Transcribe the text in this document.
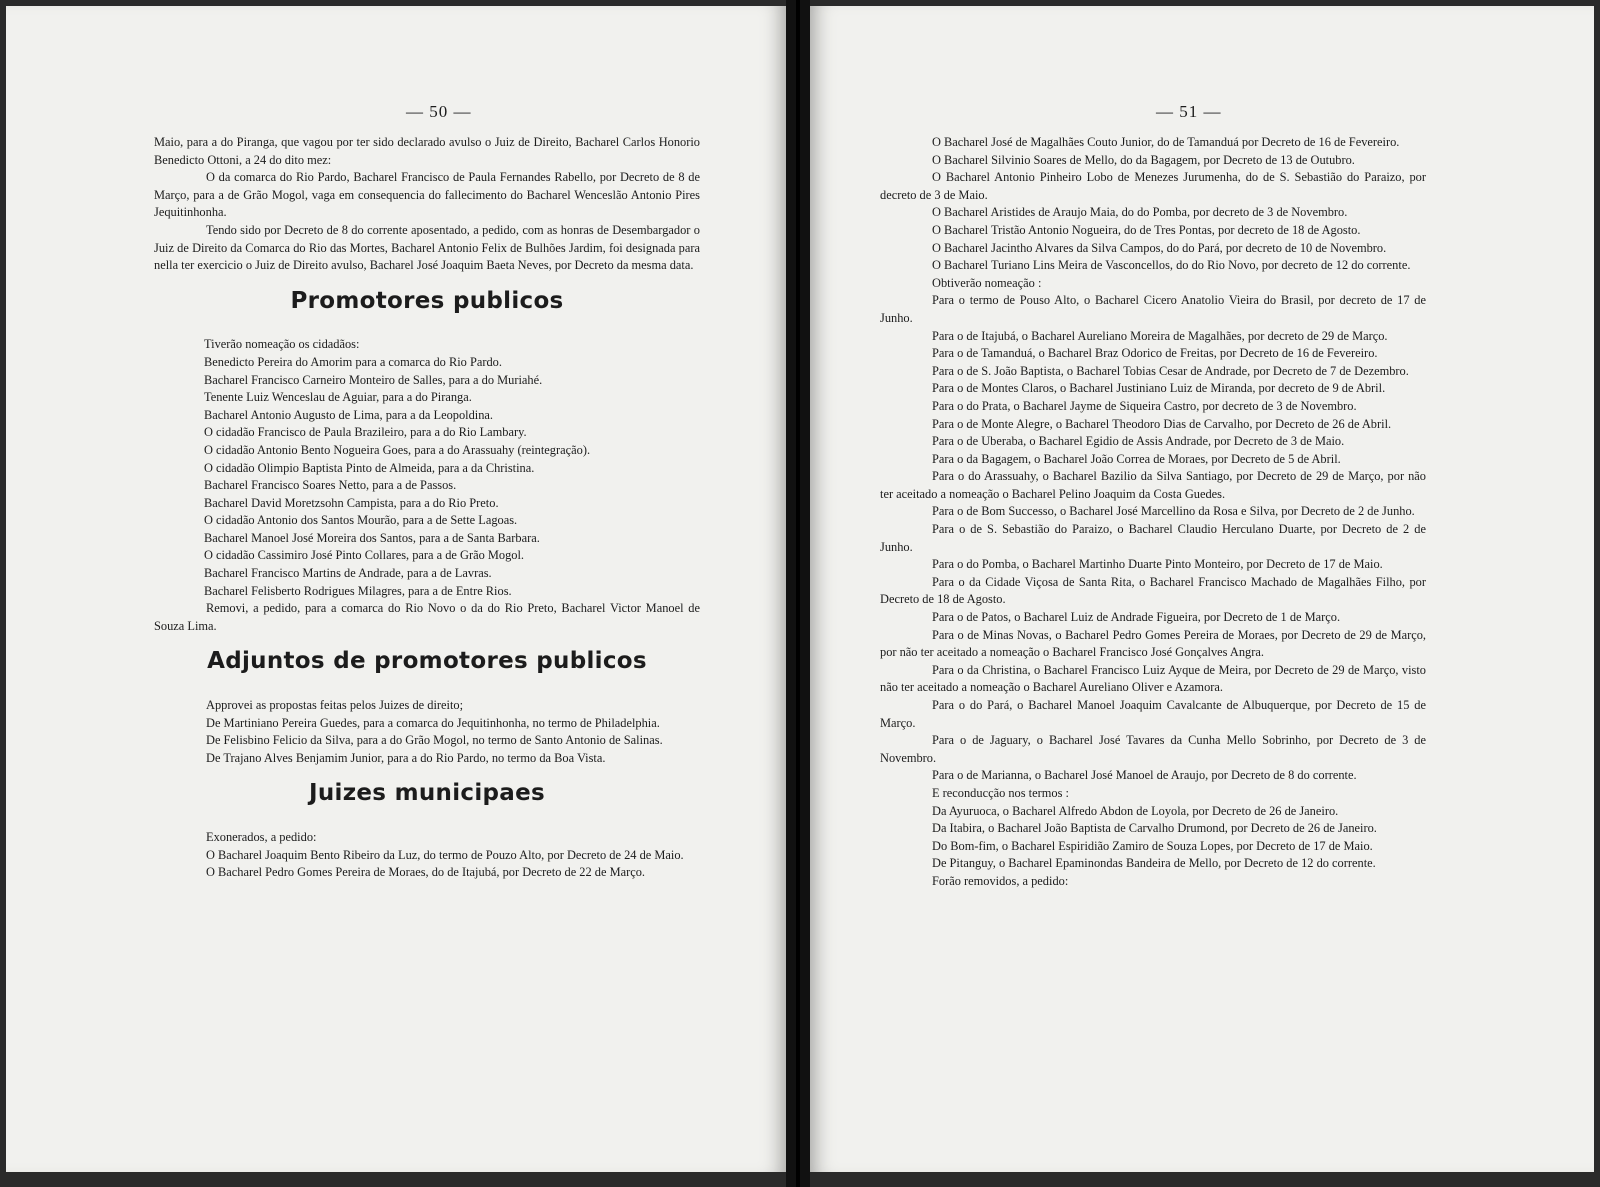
— 50 —

Maio, para a do Piranga, que vagou por ter sido declarado avulso o Juiz de Direito, Bacharel Carlos Honorio Benedicto Ottoni, a 24 do dito mez:

O da comarca do Rio Pardo, Bacharel Francisco de Paula Fernandes Rabello, por Decreto de 8 de Março, para a de Grão Mogol, vaga em consequencia do fallecimento do Bacharel Wenceslão Antonio Pires Jequitinhonha.

Tendo sido por Decreto de 8 do corrente aposentado, a pedido, com as honras de Desembargador o Juiz de Direito da Comarca do Rio das Mortes, Bacharel Antonio Felix de Bulhões Jardim, foi designada para nella ter exercicio o Juiz de Direito avulso, Bacharel José Joaquim Baeta Neves, por Decreto da mesma data.

Promotores publicos

Tiverão nomeação os cidadãos:

Benedicto Pereira do Amorim para a comarca do Rio Pardo.

Bacharel Francisco Carneiro Monteiro de Salles, para a do Muriahé.

Tenente Luiz Wenceslau de Aguiar, para a do Piranga.

Bacharel Antonio Augusto de Lima, para a da Leopoldina.

O cidadão Francisco de Paula Brazileiro, para a do Rio Lambary.

O cidadão Antonio Bento Nogueira Goes, para a do Arassuahy (reintegração).

O cidadão Olimpio Baptista Pinto de Almeida, para a da Christina.

Bacharel Francisco Soares Netto, para a de Passos.

Bacharel David Moretzsohn Campista, para a do Rio Preto.

O cidadão Antonio dos Santos Mourão, para a de Sette Lagoas.

Bacharel Manoel José Moreira dos Santos, para a de Santa Barbara.

O cidadão Cassimiro José Pinto Collares, para a de Grão Mogol.

Bacharel Francisco Martins de Andrade, para a de Lavras.

Bacharel Felisberto Rodrigues Milagres, para a de Entre Rios.

Removi, a pedido, para a comarca do Rio Novo o da do Rio Preto, Bacharel Victor Manoel de Souza Lima.

Adjuntos de promotores publicos

Approvei as propostas feitas pelos Juizes de direito;

De Martiniano Pereira Guedes, para a comarca do Jequitinhonha, no termo de Philadelphia.

De Felisbino Felicio da Silva, para a do Grão Mogol, no termo de Santo Antonio de Salinas.

De Trajano Alves Benjamim Junior, para a do Rio Pardo, no termo da Boa Vista.

Juizes municipaes

Exonerados, a pedido:

O Bacharel Joaquim Bento Ribeiro da Luz, do termo de Pouzo Alto, por Decreto de 24 de Maio.

O Bacharel Pedro Gomes Pereira de Moraes, do de Itajubá, por Decreto de 22 de Março.

— 51 —

O Bacharel José de Magalhães Couto Junior, do de Tamanduá por Decreto de 16 de Fevereiro.

O Bacharel Silvinio Soares de Mello, do da Bagagem, por Decreto de 13 de Outubro.

O Bacharel Antonio Pinheiro Lobo de Menezes Jurumenha, do de S. Sebastião do Paraizo, por decreto de 3 de Maio.

O Bacharel Aristides de Araujo Maia, do do Pomba, por decreto de 3 de Novembro.

O Bacharel Tristão Antonio Nogueira, do de Tres Pontas, por decreto de 18 de Agosto.

O Bacharel Jacintho Alvares da Silva Campos, do do Pará, por decreto de 10 de Novembro.

O Bacharel Turiano Lins Meira de Vasconcellos, do do Rio Novo, por decreto de 12 do corrente.

Obtiverão nomeação :

Para o termo de Pouso Alto, o Bacharel Cicero Anatolio Vieira do Brasil, por decreto de 17 de Junho.

Para o de Itajubá, o Bacharel Aureliano Moreira de Magalhães, por decreto de 29 de Março.

Para o de Tamanduá, o Bacharel Braz Odorico de Freitas, por Decreto de 16 de Fevereiro.

Para o de S. João Baptista, o Bacharel Tobias Cesar de Andrade, por Decreto de 7 de Dezembro.

Para o de Montes Claros, o Bacharel Justiniano Luiz de Miranda, por decreto de 9 de Abril.

Para o do Prata, o Bacharel Jayme de Siqueira Castro, por decreto de 3 de Novembro.

Para o de Monte Alegre, o Bacharel Theodoro Dias de Carvalho, por Decreto de 26 de Abril.

Para o de Uberaba, o Bacharel Egidio de Assis Andrade, por Decreto de 3 de Maio.

Para o da Bagagem, o Bacharel João Correa de Moraes, por Decreto de 5 de Abril.

Para o do Arassuahy, o Bacharel Bazilio da Silva Santiago, por Decreto de 29 de Março, por não ter aceitado a nomeação o Bacharel Pelino Joaquim da Costa Guedes.

Para o de Bom Successo, o Bacharel José Marcellino da Rosa e Silva, por Decreto de 2 de Junho.

Para o de S. Sebastião do Paraizo, o Bacharel Claudio Herculano Duarte, por Decreto de 2 de Junho.

Para o do Pomba, o Bacharel Martinho Duarte Pinto Monteiro, por Decreto de 17 de Maio.

Para o da Cidade Viçosa de Santa Rita, o Bacharel Francisco Machado de Magalhães Filho, por Decreto de 18 de Agosto.

Para o de Patos, o Bacharel Luiz de Andrade Figueira, por Decreto de 1 de Março.

Para o de Minas Novas, o Bacharel Pedro Gomes Pereira de Moraes, por Decreto de 29 de Março, por não ter aceitado a nomeação o Bacharel Francisco José Gonçalves Angra.

Para o da Christina, o Bacharel Francisco Luiz Ayque de Meira, por Decreto de 29 de Março, visto não ter aceitado a nomeação o Bacharel Aureliano Oliver e Azamora.

Para o do Pará, o Bacharel Manoel Joaquim Cavalcante de Albuquerque, por Decreto de 15 de Março.

Para o de Jaguary, o Bacharel José Tavares da Cunha Mello Sobrinho, por Decreto de 3 de Novembro.

Para o de Marianna, o Bacharel José Manoel de Araujo, por Decreto de 8 do corrente.

E reconducção nos termos :

Da Ayuruoca, o Bacharel Alfredo Abdon de Loyola, por Decreto de 26 de Janeiro.

Da Itabira, o Bacharel João Baptista de Carvalho Drumond, por Decreto de 26 de Janeiro.

Do Bom-fim, o Bacharel Espiridião Zamiro de Souza Lopes, por Decreto de 17 de Maio.

De Pitanguy, o Bacharel Epaminondas Bandeira de Mello, por Decreto de 12 do corrente.

Forão removidos, a pedido:
